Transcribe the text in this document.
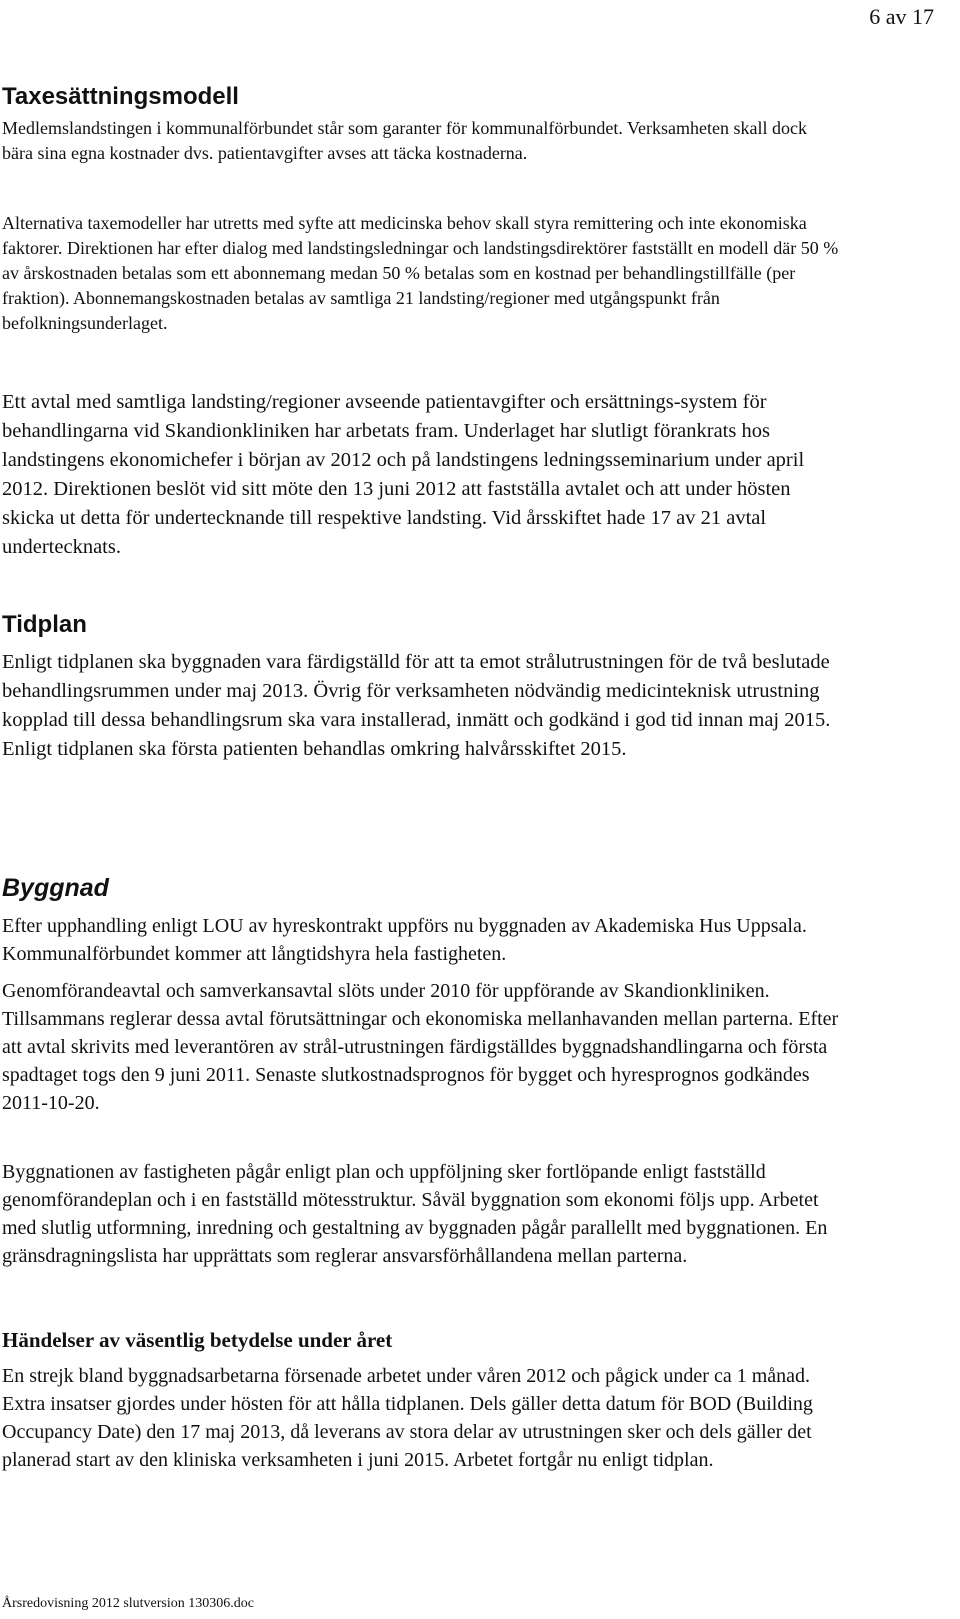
6 av 17
Taxesättningsmodell

Medlemslandstingen i kommunalförbundet står som garanter för kommunalförbundet. Verksamheten skall dock bära sina egna kostnader dvs. patientavgifter avses att täcka kostnaderna.

Alternativa taxemodeller har utretts med syfte att medicinska behov skall styra remittering och inte ekonomiska faktorer. Direktionen har efter dialog med landstingsledningar och landstingsdirektörer fastställt en modell där 50 % av årskostnaden betalas som ett abonnemang medan 50 % betalas som en kostnad per behandlingstillfälle (per fraktion). Abonnemangskostnaden betalas av samtliga 21 landsting/regioner med utgångspunkt från befolkningsunderlaget.

Ett avtal med samtliga landsting/regioner avseende patientavgifter och ersättnings-system för behandlingarna vid Skandionkliniken har arbetats fram. Underlaget har slutligt förankrats hos landstingens ekonomichefer i början av 2012 och på landstingens ledningsseminarium under april 2012. Direktionen beslöt vid sitt möte den 13 juni 2012 att fastställa avtalet och att under hösten skicka ut detta för undertecknande till respektive landsting. Vid årsskiftet hade 17 av 21 avtal undertecknats.

Tidplan

Enligt tidplanen ska byggnaden vara färdigställd för att ta emot strålutrustningen för de två beslutade behandlingsrummen under maj 2013. Övrig för verksamheten nödvändig medicinteknisk utrustning kopplad till dessa behandlingsrum ska vara installerad, inmätt och godkänd i god tid innan maj 2015. Enligt tidplanen ska första patienten behandlas omkring halvårsskiftet 2015.

Byggnad

Efter upphandling enligt LOU av hyreskontrakt uppförs nu byggnaden av Akademiska Hus Uppsala. Kommunalförbundet kommer att långtidshyra hela fastigheten.

Genomförandeavtal och samverkansavtal slöts under 2010 för uppförande av Skandionkliniken. Tillsammans reglerar dessa avtal förutsättningar och ekonomiska mellanhavanden mellan parterna. Efter att avtal skrivits med leverantören av strål-utrustningen färdigställdes byggnadshandlingarna och första spadtaget togs den 9 juni 2011. Senaste slutkostnadsprognos för bygget och hyresprognos godkändes 2011-10-20.

Byggnationen av fastigheten pågår enligt plan och uppföljning sker fortlöpande enligt fastställd genomförandeplan och i en fastställd mötesstruktur. Såväl byggnation som ekonomi följs upp. Arbetet med slutlig utformning, inredning och gestaltning av byggnaden pågår parallellt med byggnationen. En gränsdragningslista har upprättats som reglerar ansvarsförhållandena mellan parterna.

Händelser av väsentlig betydelse under året

En strejk bland byggnadsarbetarna försenade arbetet under våren 2012 och pågick under ca 1 månad. Extra insatser gjordes under hösten för att hålla tidplanen. Dels gäller detta datum för BOD (Building Occupancy Date) den 17 maj 2013, då leverans av stora delar av utrustningen sker och dels gäller det planerad start av den kliniska verksamheten i juni 2015. Arbetet fortgår nu enligt tidplan.

Årsredovisning 2012 slutversion 130306.doc
